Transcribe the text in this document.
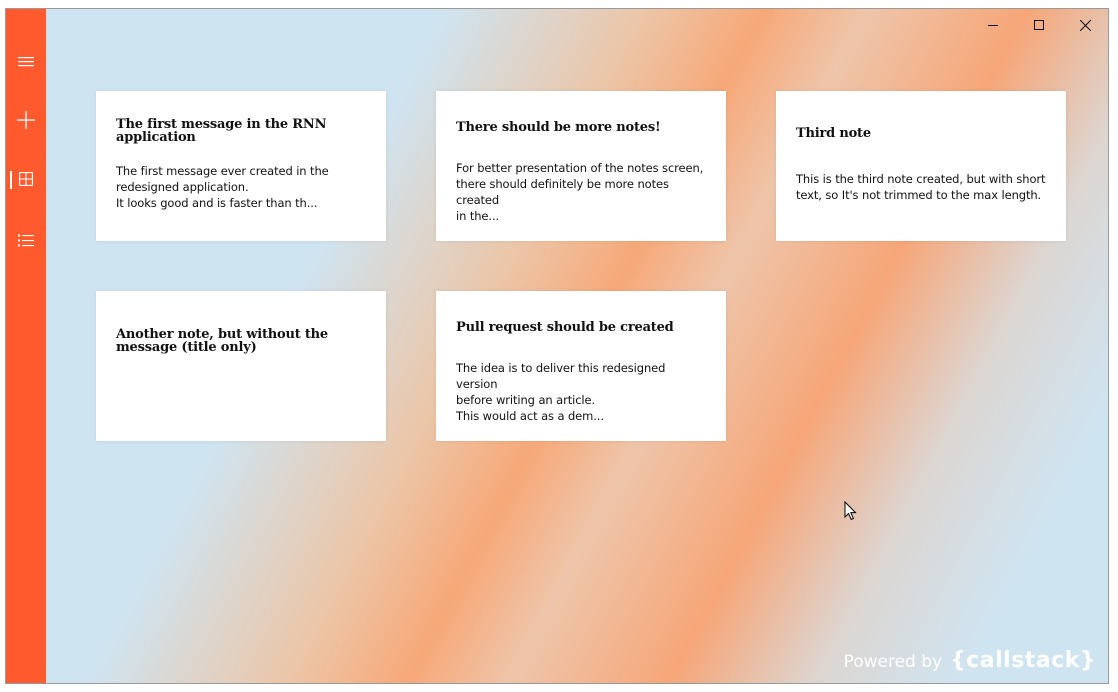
The first message in the RNN application
The first message ever created in the
redesigned application.
It looks good and is faster than th...
There should be more notes!
For better presentation of the notes screen,
there should definitely be more notes created
in the...
Third note
This is the third note created, but with short
text, so It's not trimmed to the max length.
Another note, but without the message (title only)
Pull request should be created
The idea is to deliver this redesigned version
before writing an article.
This would act as a dem...
Powered by {callstack}
